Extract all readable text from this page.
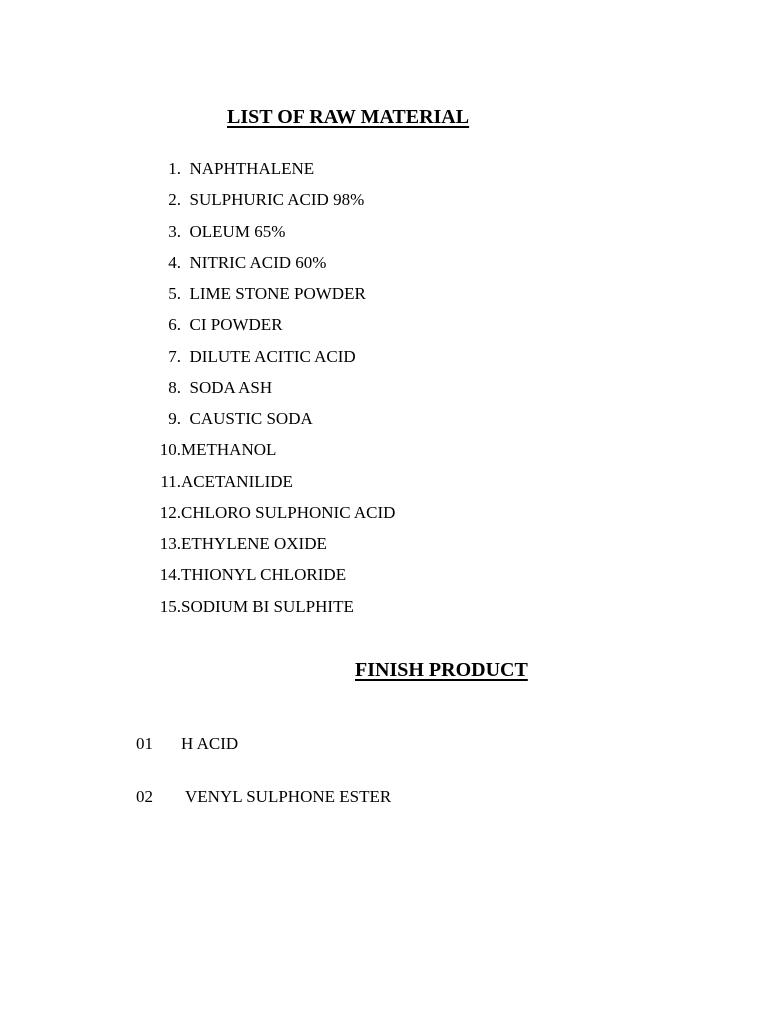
LIST OF RAW MATERIAL
1. NAPHTHALENE
2. SULPHURIC ACID 98%
3. OLEUM 65%
4. NITRIC ACID 60%
5. LIME STONE POWDER
6. CI POWDER
7. DILUTE ACITIC ACID
8. SODA ASH
9. CAUSTIC SODA
10.METHANOL
11.ACETANILIDE
12.CHLORO SULPHONIC ACID
13.ETHYLENE OXIDE
14.THIONYL CHLORIDE
15.SODIUM BI SULPHITE
FINISH PRODUCT
01 H ACID
02 VENYL SULPHONE ESTER
